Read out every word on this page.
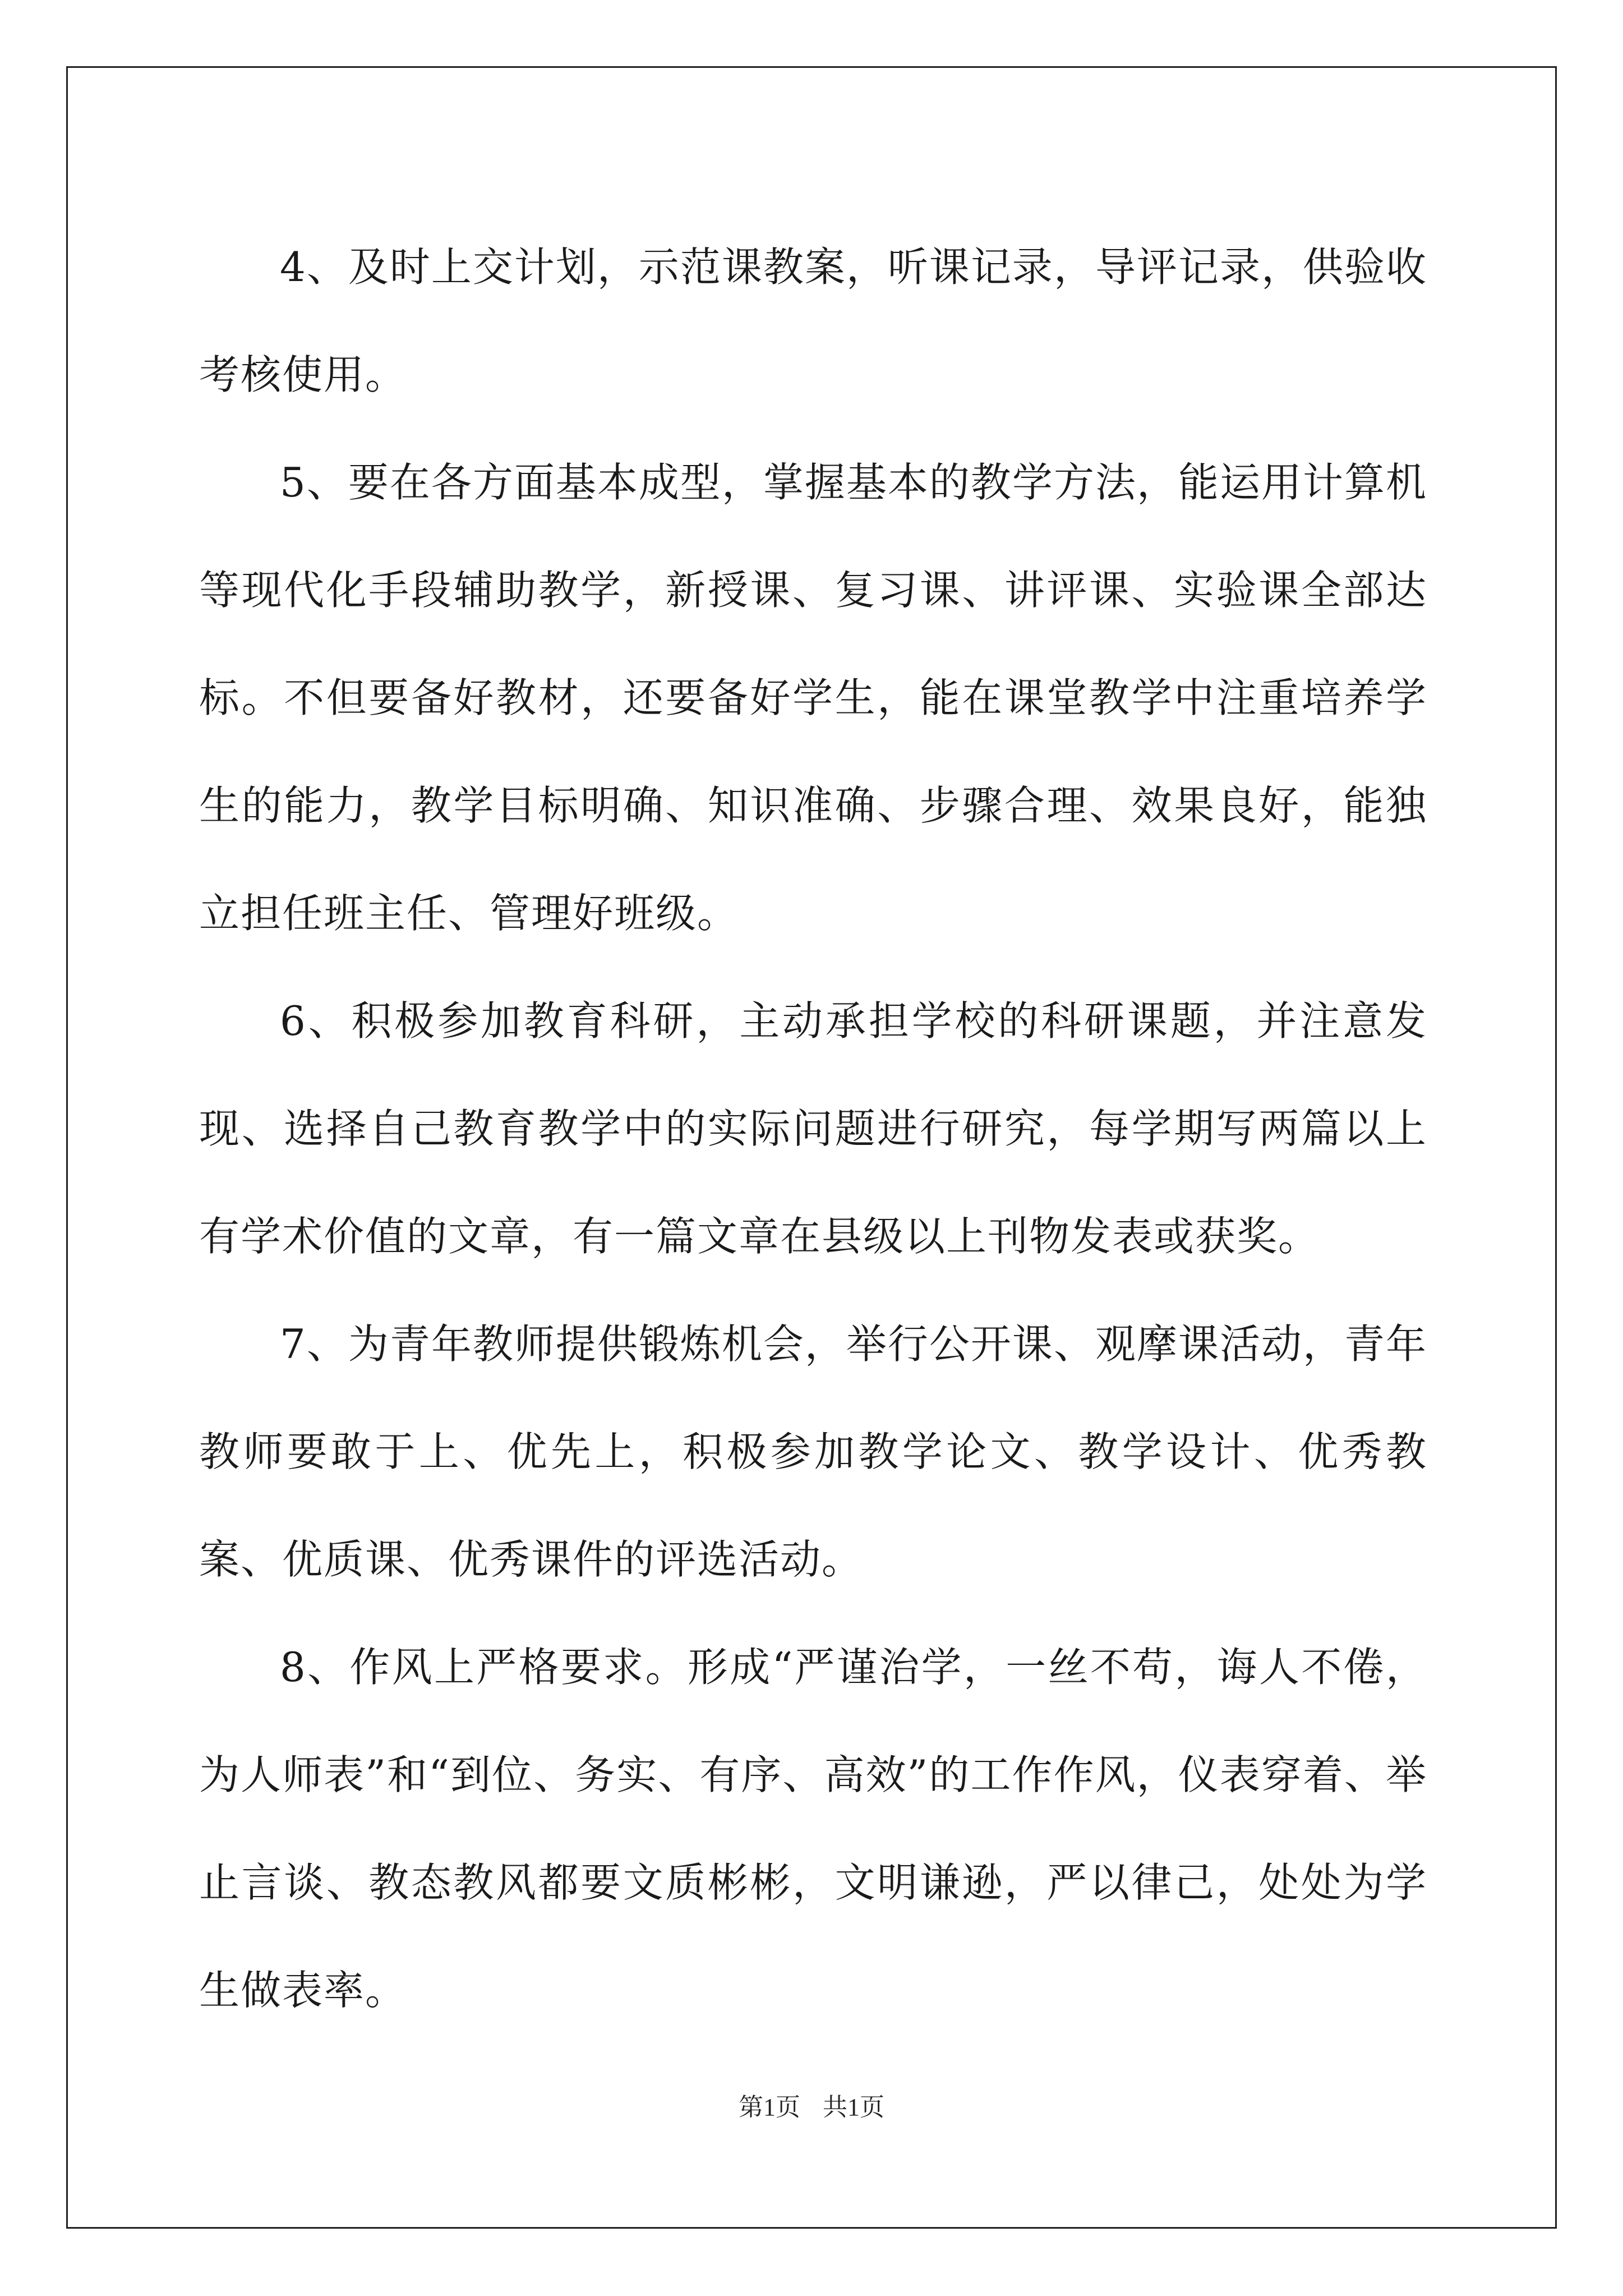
4、及时上交计划，示范课教案，听课记录，导评记录，供验收考核使用。

5、要在各方面基本成型，掌握基本的教学方法，能运用计算机等现代化手段辅助教学，新授课、复习课、讲评课、实验课全部达标。不但要备好教材，还要备好学生，能在课堂教学中注重培养学生的能力，教学目标明确、知识准确、步骤合理、效果良好，能独立担任班主任、管理好班级。

6、积极参加教育科研，主动承担学校的科研课题，并注意发现、选择自己教育教学中的实际问题进行研究，每学期写两篇以上有学术价值的文章，有一篇文章在县级以上刊物发表或获奖。

7、为青年教师提供锻炼机会，举行公开课、观摩课活动，青年教师要敢于上、优先上，积极参加教学论文、教学设计、优秀教案、优质课、优秀课件的评选活动。

8、作风上严格要求。形成“严谨治学，一丝不苟，诲人不倦，为人师表”和“到位、务实、有序、高效”的工作作风，仪表穿着、举止言谈、教态教风都要文质彬彬，文明谦逊，严以律己，处处为学生做表率。

第1页 共1页
